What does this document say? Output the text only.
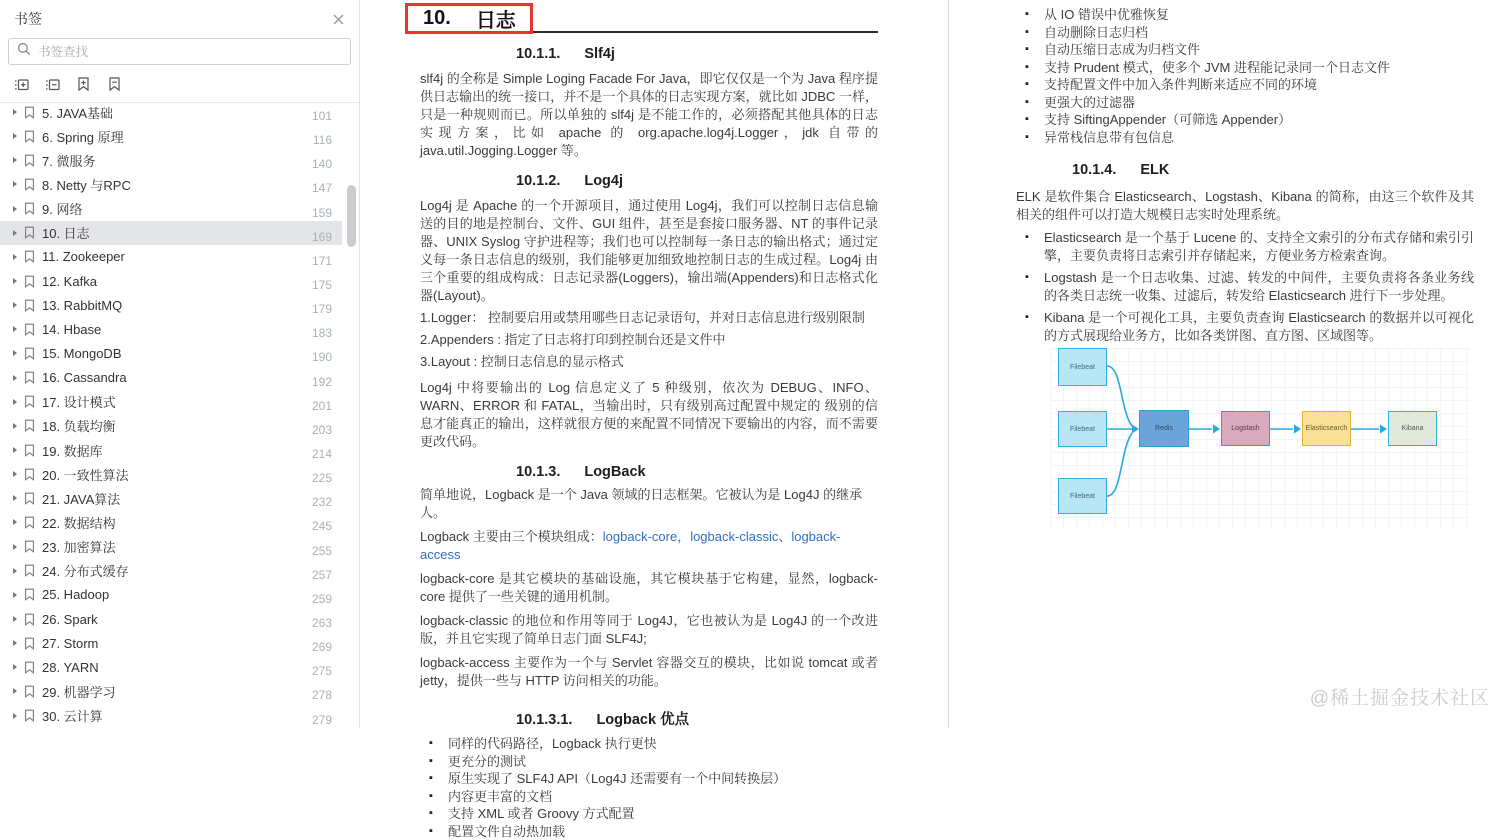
书签
书签查找
5. JAVA基础	101
6. Spring 原理	116
7. 微服务	140
8. Netty 与RPC	147
9. 网络	159
10. 日志	169
11. Zookeeper	171
12. Kafka	175
13. RabbitMQ	179
14. Hbase	183
15. MongoDB	190
16. Cassandra	192
17. 设计模式	201
18. 负载均衡	203
19. 数据库	214
20. 一致性算法	225
21. JAVA算法	232
22. 数据结构	245
23. 加密算法	255
24. 分布式缓存	257
25. Hadoop	259
26. Spark	263
27. Storm	269
28. YARN	275
29. 机器学习	278
30. 云计算	279
10. 日志
10.1.1. Slf4j

slf4j 的全称是 Simple Loging Facade For Java，即它仅仅是一个为 Java 程序提供日志输出的统一接口，并不是一个具体的日志实现方案，就比如 JDBC 一样，只是一种规则而已。所以单独的 slf4j 是不能工作的，必须搭配其他具体的日志实现方案，比如 apache 的 org.apache.log4j.Logger，jdk 自带的 java.util.Jogging.Logger 等。

10.1.2. Log4j

Log4j 是 Apache 的一个开源项目，通过使用 Log4j，我们可以控制日志信息输送的目的地是控制台、文件、GUI 组件，甚至是套接口服务器、NT 的事件记录器、UNIX Syslog 守护进程等；我们也可以控制每一条日志的输出格式；通过定义每一条日志信息的级别，我们能够更加细致地控制日志的生成过程。Log4j 由三个重要的组成构成：日志记录器(Loggers)，输出端(Appenders)和日志格式化器(Layout)。

1.Logger： 控制要启用或禁用哪些日志记录语句，并对日志信息进行级别限制

2.Appenders : 指定了日志将打印到控制台还是文件中

3.Layout : 控制日志信息的显示格式

Log4j 中将要输出的 Log 信息定义了 5 种级别，依次为 DEBUG、INFO、WARN、ERROR 和 FATAL，当输出时，只有级别高过配置中规定的 级别的信息才能真正的输出，这样就很方便的来配置不同情况下要输出的内容，而不需要更改代码。

10.1.3. LogBack

简单地说，Logback 是一个 Java 领域的日志框架。它被认为是 Log4J 的继承人。

Logback 主要由三个模块组成：logback-core，logback-classic、logback-access

logback-core 是其它模块的基础设施，其它模块基于它构建，显然，logback-core 提供了一些关键的通用机制。

logback-classic 的地位和作用等同于 Log4J，它也被认为是 Log4J 的一个改进版，并且它实现了简单日志门面 SLF4J;

logback-access 主要作为一个与 Servlet 容器交互的模块，比如说 tomcat 或者 jetty，提供一些与 HTTP 访问相关的功能。

10.1.3.1. Logback 优点
▪ 同样的代码路径，Logback 执行更快
▪ 更充分的测试
▪ 原生实现了 SLF4J API（Log4J 还需要有一个中间转换层）
▪ 内容更丰富的文档
▪ 支持 XML 或者 Groovy 方式配置
▪ 配置文件自动热加载
▪ 从 IO 错误中优雅恢复
▪ 自动删除日志归档
▪ 自动压缩日志成为归档文件
▪ 支持 Prudent 模式，使多个 JVM 进程能记录同一个日志文件
▪ 支持配置文件中加入条件判断来适应不同的环境
▪ 更强大的过滤器
▪ 支持 SiftingAppender（可筛选 Appender）
▪ 异常栈信息带有包信息
10.1.4. ELK

ELK 是软件集合 Elasticsearch、Logstash、Kibana 的简称，由这三个软件及其相关的组件可以打造大规模日志实时处理系统。

▪ Elasticsearch 是一个基于 Lucene 的、支持全文索引的分布式存储和索引引擎，主要负责将日志索引并存储起来，方便业务方检索查询。
▪ Logstash 是一个日志收集、过滤、转发的中间件，主要负责将各条业务线的各类日志统一收集、过滤后，转发给 Elasticsearch 进行下一步处理。
▪ Kibana 是一个可视化工具，主要负责查询 Elasticsearch 的数据并以可视化的方式展现给业务方，比如各类饼图、直方图、区域图等。
Filebeat
Filebeat
Filebeat
Redis	Logstash	Elasticsearch	Kibana
@稀土掘金技术社区
